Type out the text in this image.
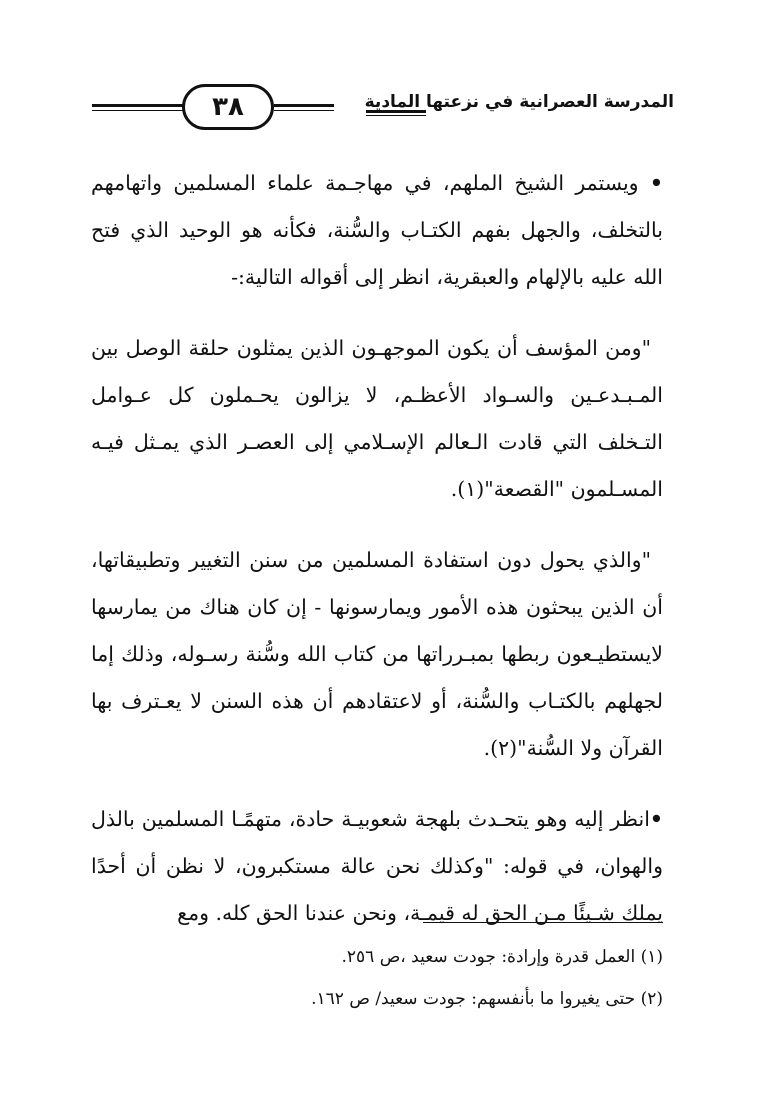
المدرسة العصرانية في نزعتها المادية
٣٨

• ويستمر الشيخ الملهم، في مهاجـمة علماء المسلمين واتهامهم بالتخلف، والجهل بفهم الكتـاب والسُّنة، فكأنه هو الوحيد الذي فتح الله عليه بالإلهام والعبقرية، انظر إلى أقواله التالية:-

"ومن المؤسف أن يكون الموجهـون الذين يمثلون حلقة الوصل بين المـبـدعـين والسـواد الأعظـم، لا يزالون يحـملون كل عـوامل التـخلف التي قادت الـعالم الإسـلامي إلى العصـر الذي يمـثل فيـه المسـلمون "القصعة"(١).

"والذي يحول دون استفادة المسلمين من سنن التغيير وتطبيقاتها، أن الذين يبحثون هذه الأمور ويمارسونها - إن كان هناك من يمارسها لايستطيـعون ربطها بمبـرراتها من كتاب الله وسُّنة رسـوله، وذلك إما لجهلهم بالكتـاب والسُّنة، أو لاعتقادهم أن هذه السنن لا يعـترف بها القرآن ولا السُّنة"(٢).

•انظر إليه وهو يتحـدث بلهجة شعوبيـة حادة، متهمًـا المسلمين بالذل والهوان، في قوله: "وكذلك نحن عالة مستكبرون، لا نظن أن أحدًا يملك شـيئًا مـن الحق له قيمـة، ونحن عندنا الحق كله. ومع

(١) العمل قدرة وإرادة: جودت سعيد ،ص ٢٥٦.

(٢) حتى يغيروا ما بأنفسهم: جودت سعيد/ ص ١٦٢.
